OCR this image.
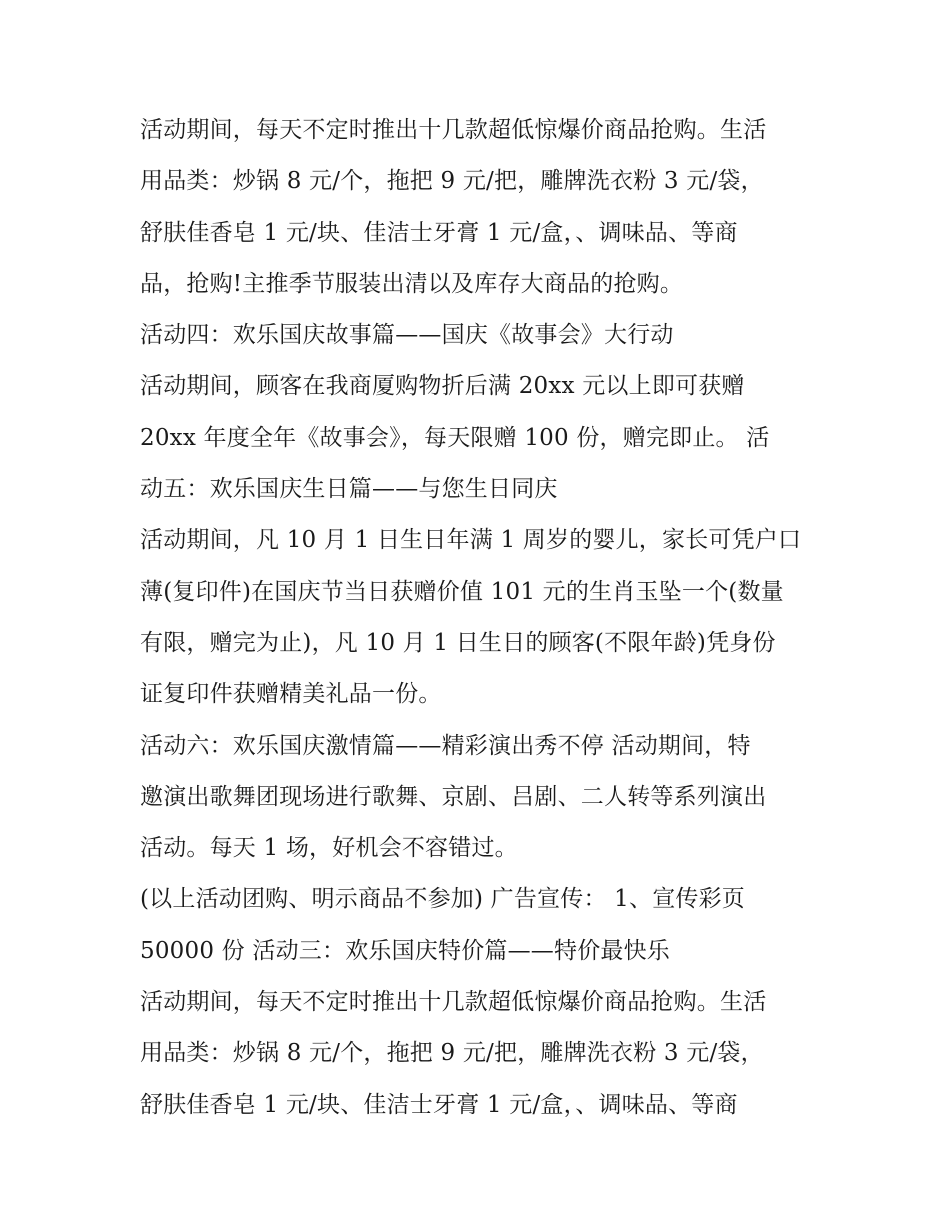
活动期间，每天不定时推出十几款超低惊爆价商品抢购。生活
用品类：炒锅 8 元/个，拖把 9 元/把，雕牌洗衣粉 3 元/袋，
舒肤佳香皂 1 元/块、佳洁士牙膏 1 元/盒，、调味品、等商
品，抢购!主推季节服装出清以及库存大商品的抢购。
活动四：欢乐国庆故事篇——国庆《故事会》大行动
活动期间，顾客在我商厦购物折后满 20xx 元以上即可获赠
20xx 年度全年《故事会》，每天限赠 100 份，赠完即止。 活
动五：欢乐国庆生日篇——与您生日同庆
活动期间，凡 10 月 1 日生日年满 1 周岁的婴儿，家长可凭户口
薄(复印件)在国庆节当日获赠价值 101 元的生肖玉坠一个(数量
有限，赠完为止)，凡 10 月 1 日生日的顾客(不限年龄)凭身份
证复印件获赠精美礼品一份。
活动六：欢乐国庆激情篇——精彩演出秀不停 活动期间，特
邀演出歌舞团现场进行歌舞、京剧、吕剧、二人转等系列演出
活动。每天 1 场，好机会不容错过。
(以上活动团购、明示商品不参加) 广告宣传： 1、宣传彩页
50000 份 活动三：欢乐国庆特价篇——特价最快乐
活动期间，每天不定时推出十几款超低惊爆价商品抢购。生活
用品类：炒锅 8 元/个，拖把 9 元/把，雕牌洗衣粉 3 元/袋，
舒肤佳香皂 1 元/块、佳洁士牙膏 1 元/盒，、调味品、等商
